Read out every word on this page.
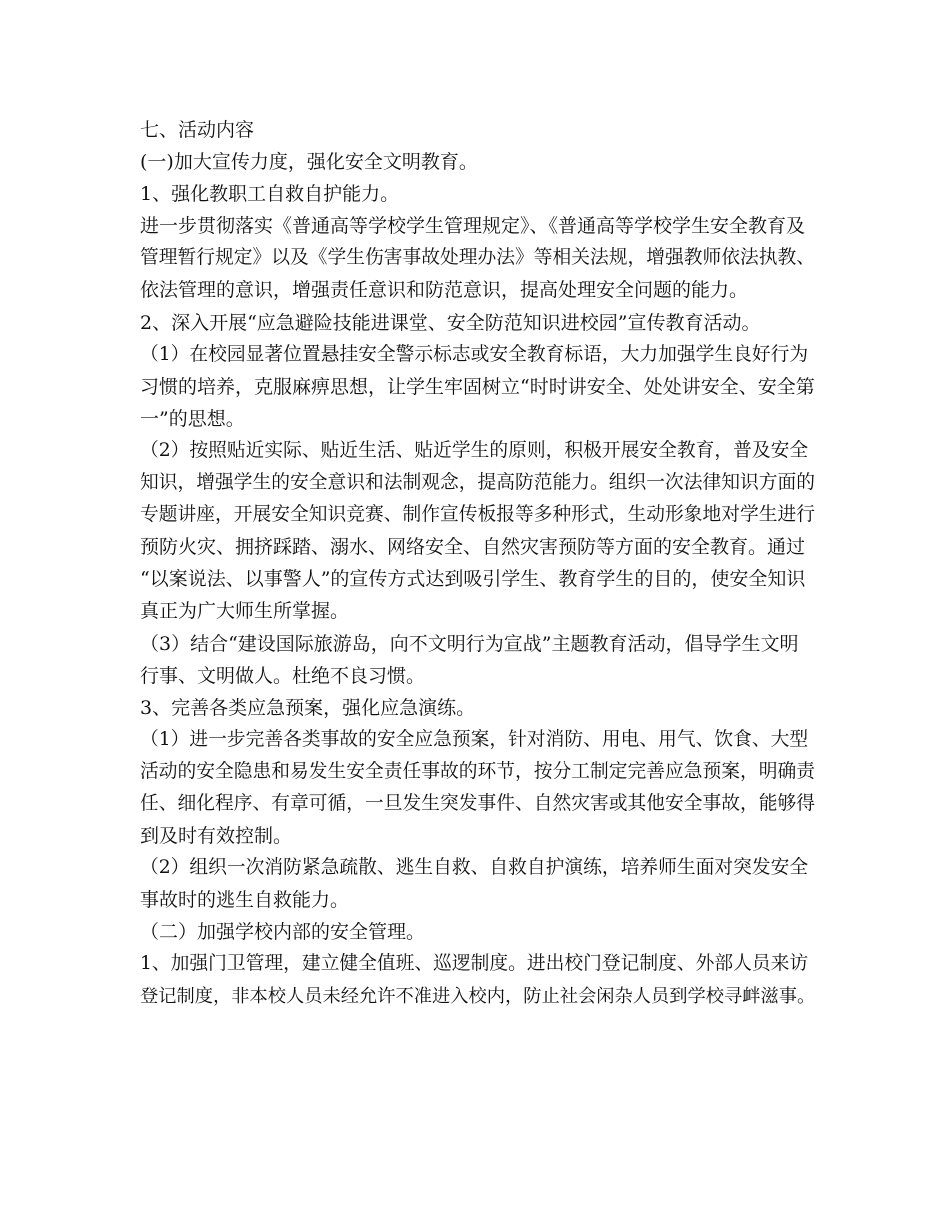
七、活动内容
(一)加大宣传力度，强化安全文明教育。
1、强化教职工自救自护能力。
进一步贯彻落实《普通高等学校学生管理规定》、《普通高等学校学生安全教育及
管理暂行规定》以及《学生伤害事故处理办法》等相关法规，增强教师依法执教、
依法管理的意识，增强责任意识和防范意识，提高处理安全问题的能力。
2、深入开展“应急避险技能进课堂、安全防范知识进校园”宣传教育活动。
（1）在校园显著位置悬挂安全警示标志或安全教育标语，大力加强学生良好行为
习惯的培养，克服麻痹思想，让学生牢固树立“时时讲安全、处处讲安全、安全第
一”的思想。
（2）按照贴近实际、贴近生活、贴近学生的原则，积极开展安全教育，普及安全
知识，增强学生的安全意识和法制观念，提高防范能力。组织一次法律知识方面的
专题讲座，开展安全知识竞赛、制作宣传板报等多种形式，生动形象地对学生进行
预防火灾、拥挤踩踏、溺水、网络安全、自然灾害预防等方面的安全教育。通过
“以案说法、以事警人”的宣传方式达到吸引学生、教育学生的目的，使安全知识
真正为广大师生所掌握。
（3）结合“建设国际旅游岛，向不文明行为宣战”主题教育活动，倡导学生文明
行事、文明做人。杜绝不良习惯。
3、完善各类应急预案，强化应急演练。
（1）进一步完善各类事故的安全应急预案，针对消防、用电、用气、饮食、大型
活动的安全隐患和易发生安全责任事故的环节，按分工制定完善应急预案，明确责
任、细化程序、有章可循，一旦发生突发事件、自然灾害或其他安全事故，能够得
到及时有效控制。
（2）组织一次消防紧急疏散、逃生自救、自救自护演练，培养师生面对突发安全
事故时的逃生自救能力。
（二）加强学校内部的安全管理。
1、加强门卫管理，建立健全值班、巡逻制度。进出校门登记制度、外部人员来访
登记制度，非本校人员未经允许不准进入校内，防止社会闲杂人员到学校寻衅滋事。
